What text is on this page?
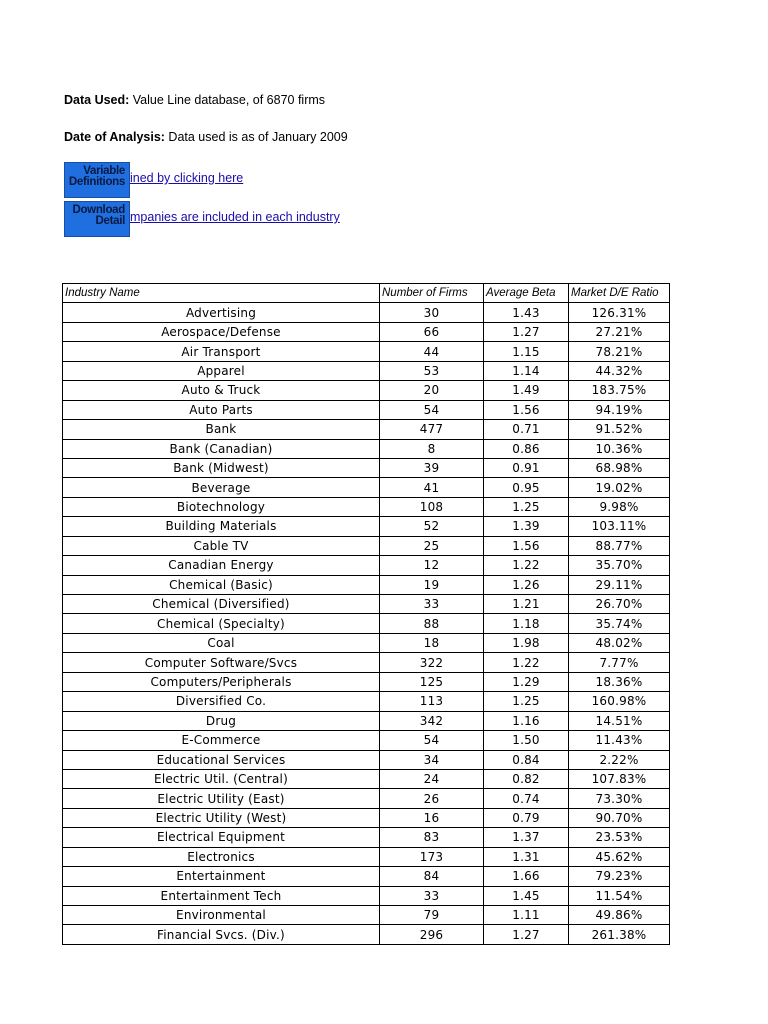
Data Used: Value Line database, of 6870 firms
Date of Analysis: Data used is as of January 2009
Variable
Definitions ined by clicking here
Download
Detail mpanies are included in each industry
Industry Name	Number of Firms	Average Beta	Market D/E Ratio
Advertising	30	1.43	126.31%
Aerospace/Defense	66	1.27	27.21%
Air Transport	44	1.15	78.21%
Apparel	53	1.14	44.32%
Auto & Truck	20	1.49	183.75%
Auto Parts	54	1.56	94.19%
Bank	477	0.71	91.52%
Bank (Canadian)	8	0.86	10.36%
Bank (Midwest)	39	0.91	68.98%
Beverage	41	0.95	19.02%
Biotechnology	108	1.25	9.98%
Building Materials	52	1.39	103.11%
Cable TV	25	1.56	88.77%
Canadian Energy	12	1.22	35.70%
Chemical (Basic)	19	1.26	29.11%
Chemical (Diversified)	33	1.21	26.70%
Chemical (Specialty)	88	1.18	35.74%
Coal	18	1.98	48.02%
Computer Software/Svcs	322	1.22	7.77%
Computers/Peripherals	125	1.29	18.36%
Diversified Co.	113	1.25	160.98%
Drug	342	1.16	14.51%
E-Commerce	54	1.50	11.43%
Educational Services	34	0.84	2.22%
Electric Util. (Central)	24	0.82	107.83%
Electric Utility (East)	26	0.74	73.30%
Electric Utility (West)	16	0.79	90.70%
Electrical Equipment	83	1.37	23.53%
Electronics	173	1.31	45.62%
Entertainment	84	1.66	79.23%
Entertainment Tech	33	1.45	11.54%
Environmental	79	1.11	49.86%
Financial Svcs. (Div.)	296	1.27	261.38%
